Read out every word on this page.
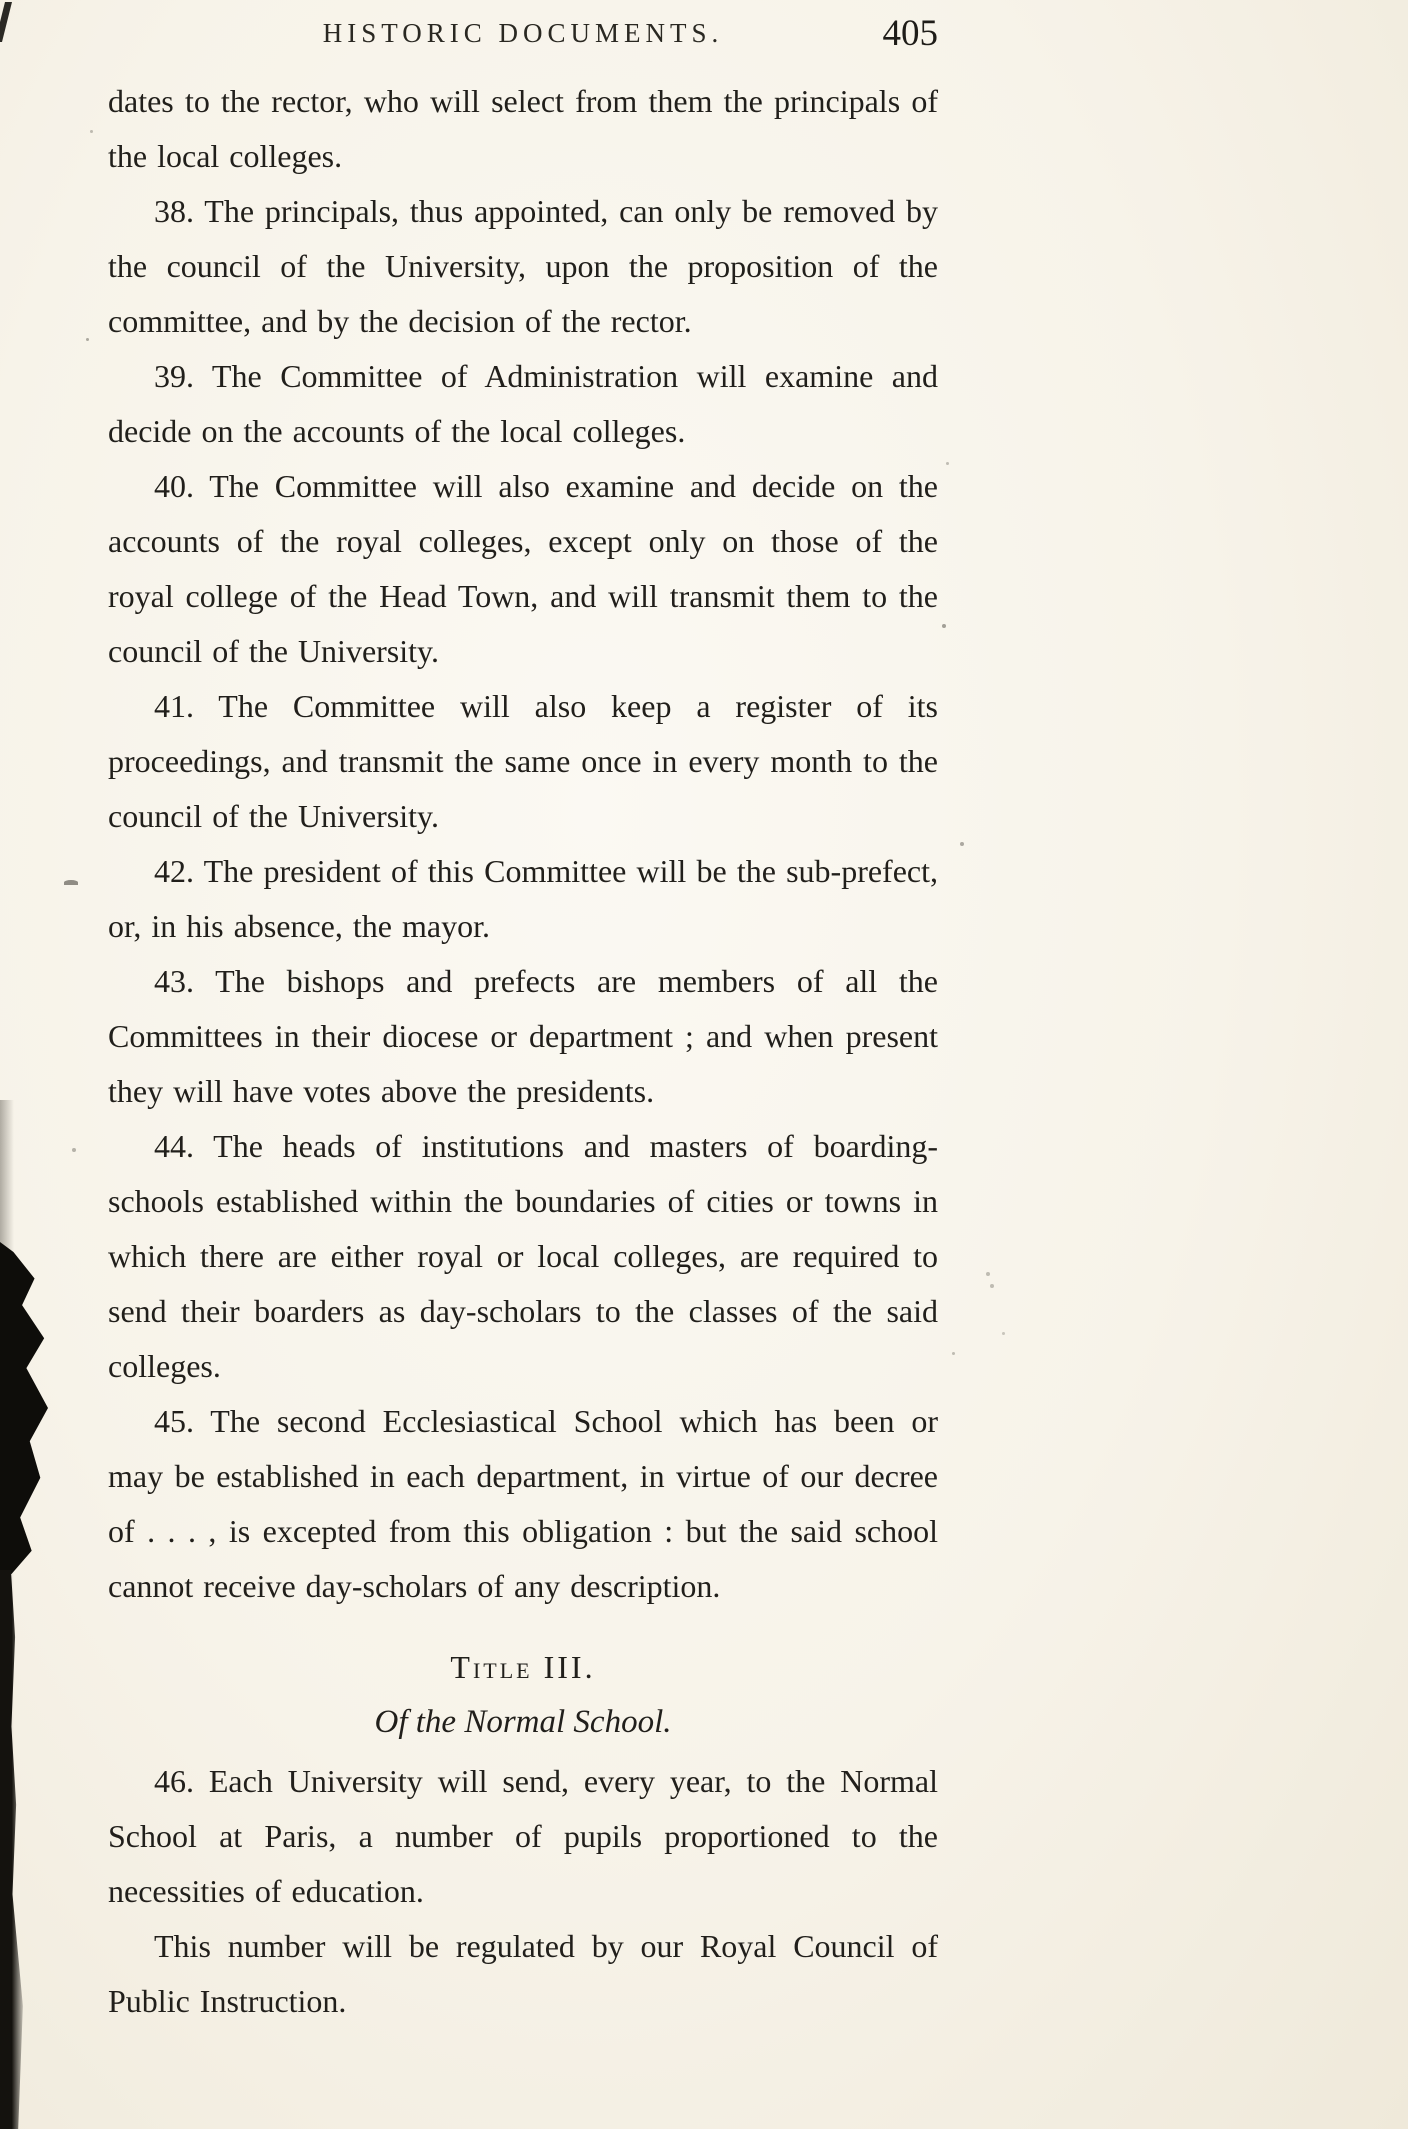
HISTORIC DOCUMENTS.	405

dates to the rector, who will select from them the principals of the local colleges.

38. The principals, thus appointed, can only be removed by the council of the University, upon the proposition of the committee, and by the decision of the rector.

39. The Committee of Administration will examine and decide on the accounts of the local colleges.

40. The Committee will also examine and decide on the accounts of the royal colleges, except only on those of the royal college of the Head Town, and will transmit them to the council of the University.

41. The Committee will also keep a register of its proceedings, and transmit the same once in every month to the council of the University.

42. The president of this Committee will be the sub-prefect, or, in his absence, the mayor.

43. The bishops and prefects are members of all the Committees in their diocese or department ; and when present they will have votes above the presidents.

44. The heads of institutions and masters of boarding-schools established within the boundaries of cities or towns in which there are either royal or local colleges, are required to send their boarders as day-scholars to the classes of the said colleges.

45. The second Ecclesiastical School which has been or may be established in each department, in virtue of our decree of . . . , is excepted from this obligation : but the said school cannot receive day-scholars of any description.

Title III.
Of the Normal School.

46. Each University will send, every year, to the Normal School at Paris, a number of pupils proportioned to the necessities of education.

This number will be regulated by our Royal Council of Public Instruction.
